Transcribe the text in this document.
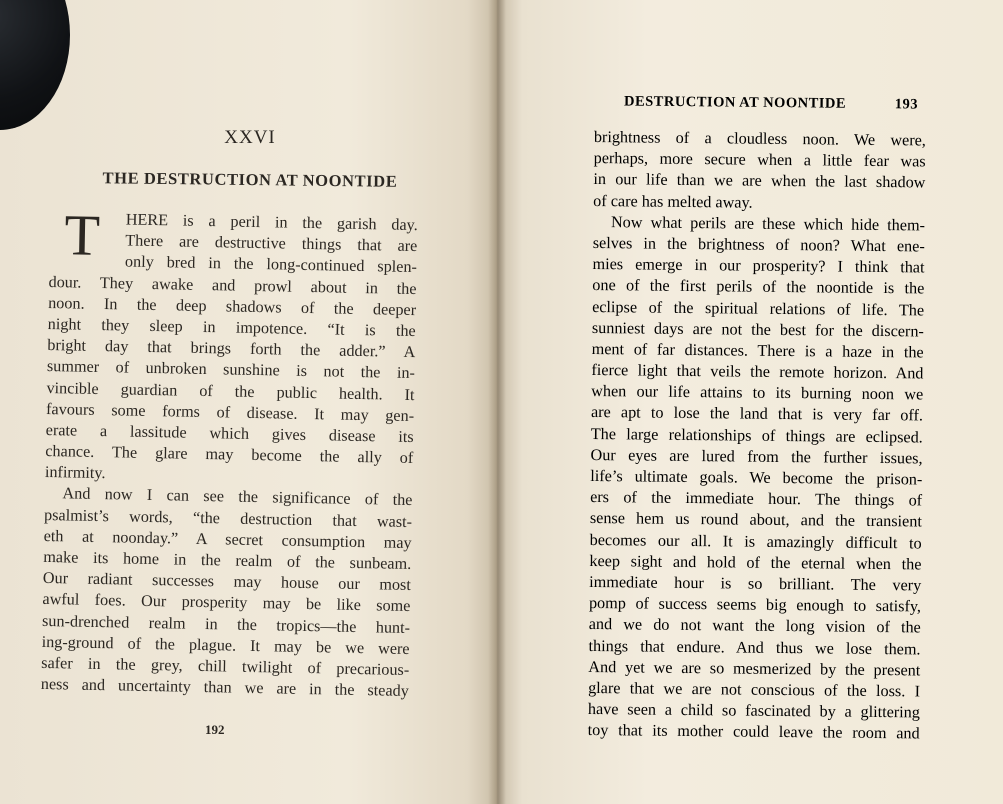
XXVI
THE DESTRUCTION AT NOONTIDE
T	HERE is a peril in the garish day.
There are destructive things that are
only bred in the long-continued splen-
dour. They awake and prowl about in the
noon. In the deep shadows of the deeper
night they sleep in impotence. “It is the
bright day that brings forth the adder.” A
summer of unbroken sunshine is not the in-
vincible guardian of the public health. It
favours some forms of disease. It may gen-
erate a lassitude which gives disease its
chance. The glare may become the ally of
infirmity.
And now I can see the significance of the
psalmist’s words, “the destruction that wast-
eth at noonday.” A secret consumption may
make its home in the realm of the sunbeam.
Our radiant successes may house our most
awful foes. Our prosperity may be like some
sun-drenched realm in the tropics—the hunt-
ing-ground of the plague. It may be we were
safer in the grey, chill twilight of precarious-
ness and uncertainty than we are in the steady
192
DESTRUCTION AT NOONTIDE	193
brightness of a cloudless noon. We were,
perhaps, more secure when a little fear was
in our life than we are when the last shadow
of care has melted away.
Now what perils are these which hide them-
selves in the brightness of noon? What ene-
mies emerge in our prosperity? I think that
one of the first perils of the noontide is the
eclipse of the spiritual relations of life. The
sunniest days are not the best for the discern-
ment of far distances. There is a haze in the
fierce light that veils the remote horizon. And
when our life attains to its burning noon we
are apt to lose the land that is very far off.
The large relationships of things are eclipsed.
Our eyes are lured from the further issues,
life’s ultimate goals. We become the prison-
ers of the immediate hour. The things of
sense hem us round about, and the transient
becomes our all. It is amazingly difficult to
keep sight and hold of the eternal when the
immediate hour is so brilliant. The very
pomp of success seems big enough to satisfy,
and we do not want the long vision of the
things that endure. And thus we lose them.
And yet we are so mesmerized by the present
glare that we are not conscious of the loss. I
have seen a child so fascinated by a glittering
toy that its mother could leave the room and
